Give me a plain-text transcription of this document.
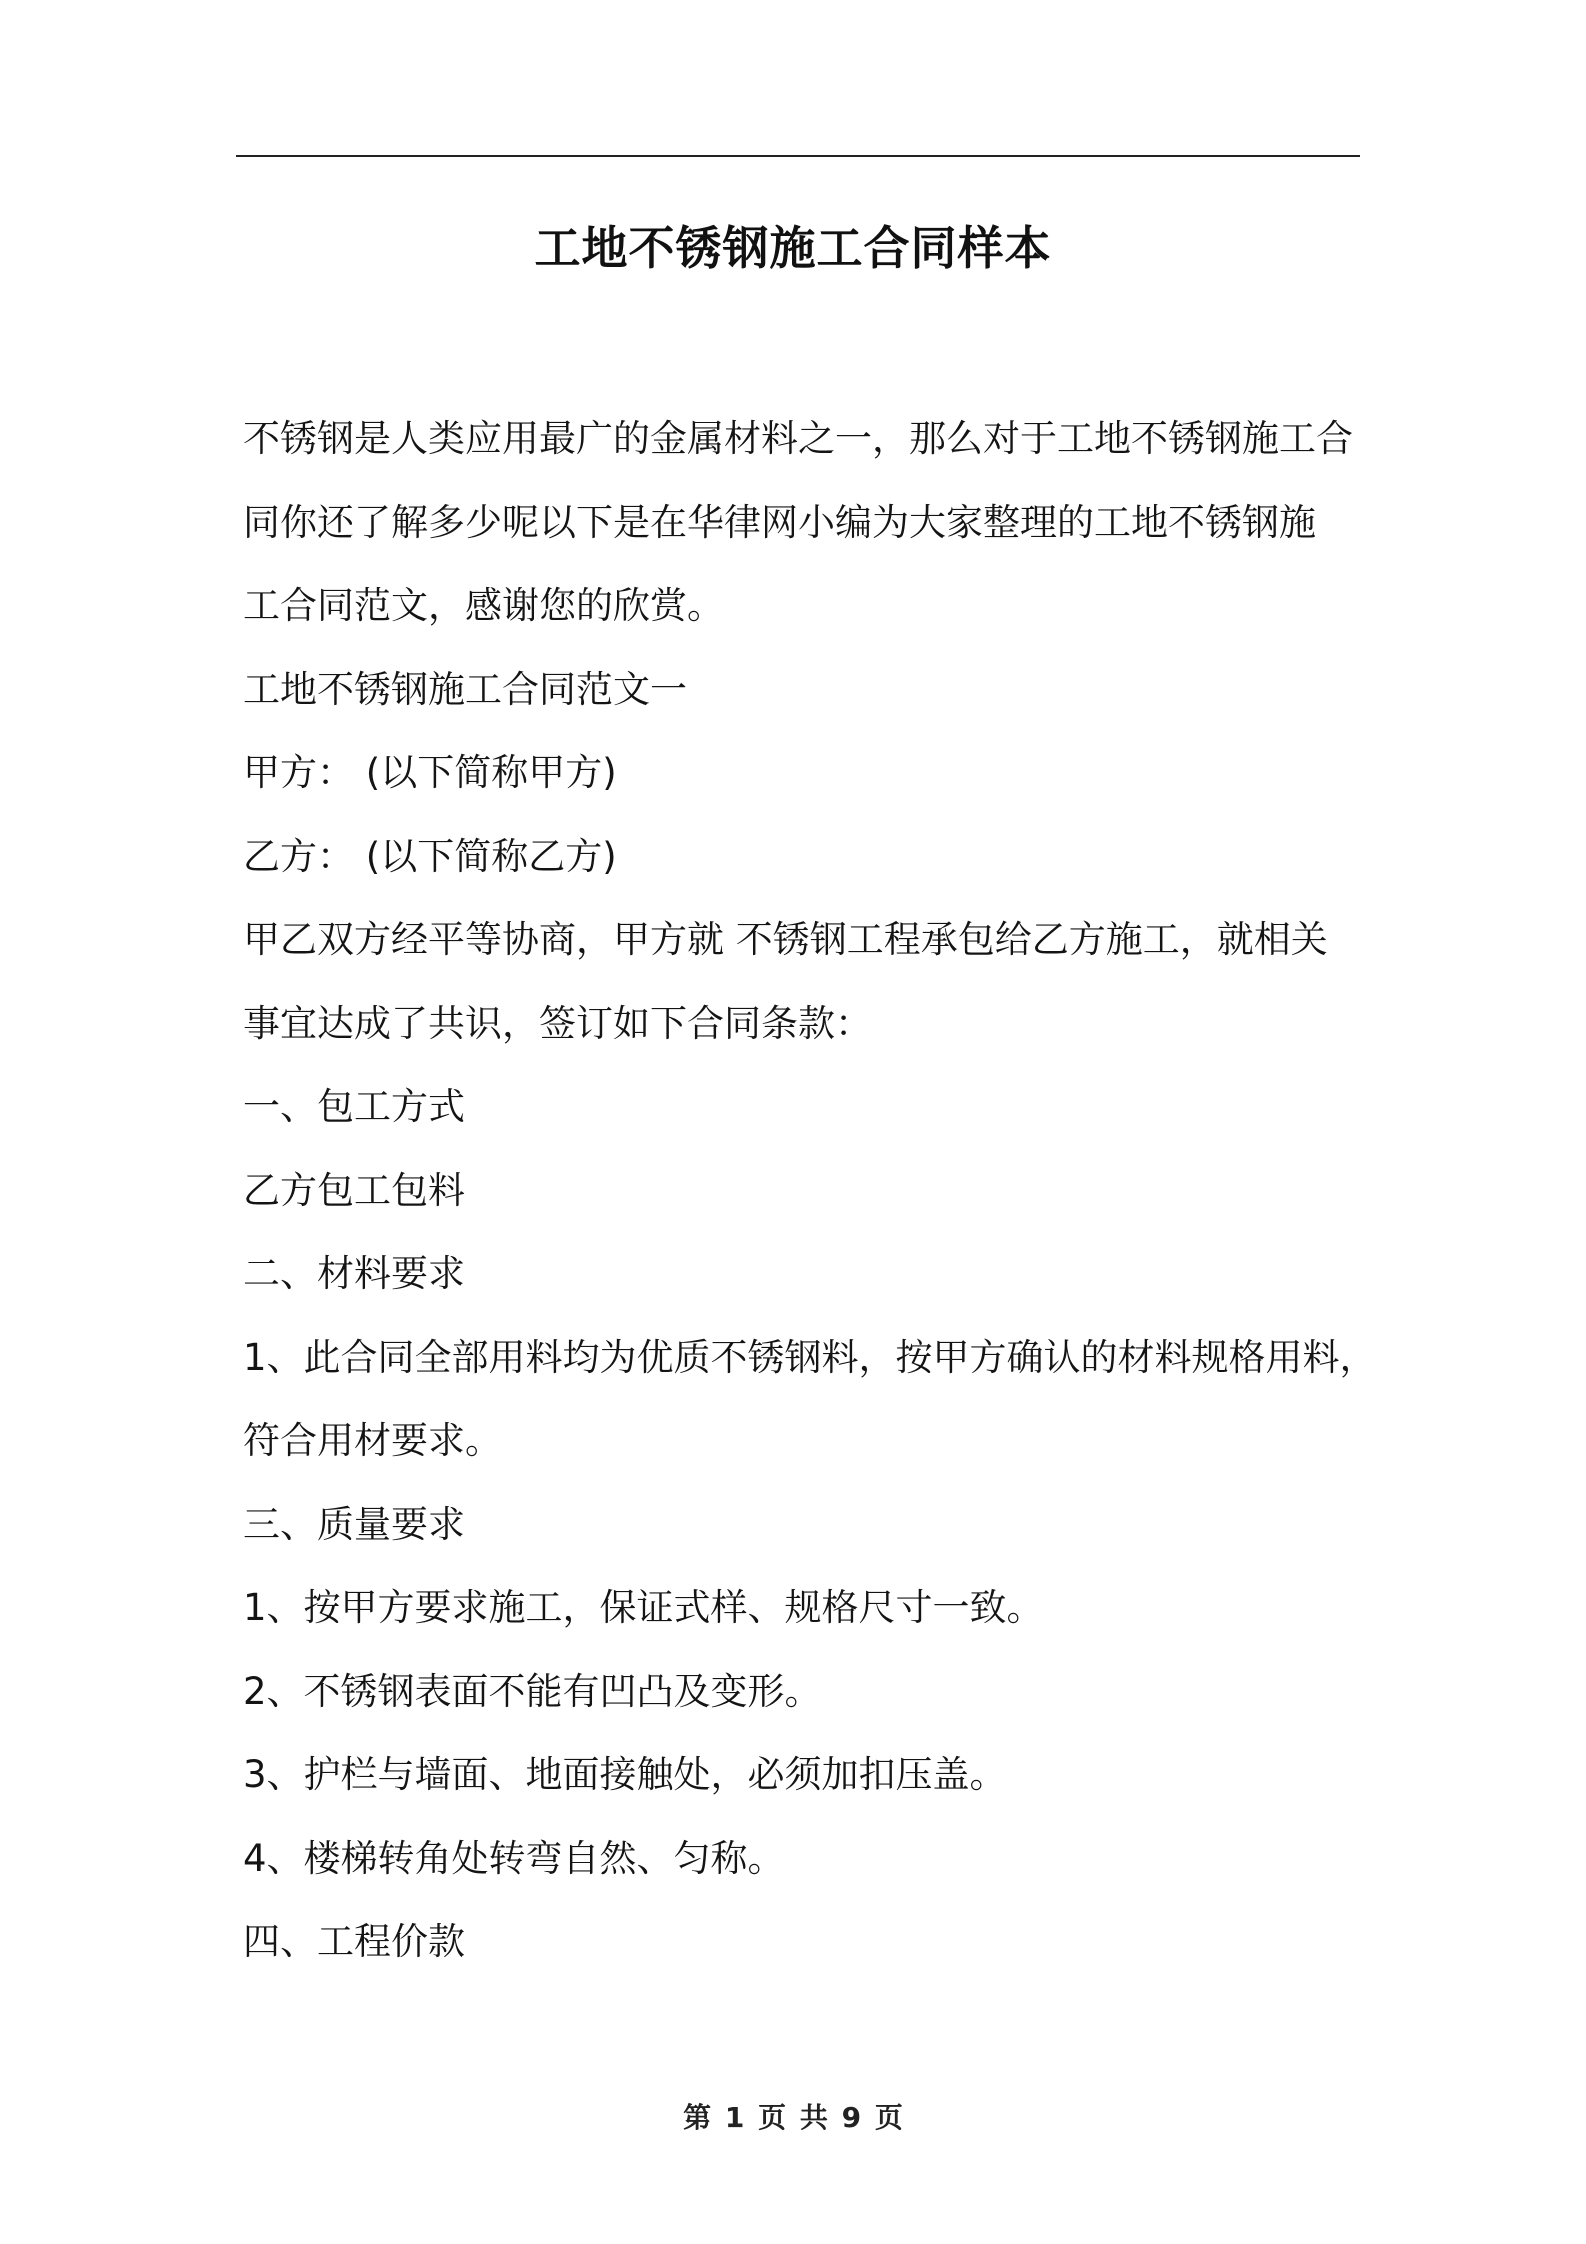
工地不锈钢施工合同样本
不锈钢是人类应用最广的金属材料之一，那么对于工地不锈钢施工合
同你还了解多少呢以下是在华律网小编为大家整理的工地不锈钢施
工合同范文，感谢您的欣赏。
工地不锈钢施工合同范文一
甲方： (以下简称甲方)
乙方： (以下简称乙方)
甲乙双方经平等协商，甲方就 不锈钢工程承包给乙方施工，就相关
事宜达成了共识，签订如下合同条款：
一、包工方式
乙方包工包料
二、材料要求
1、此合同全部用料均为优质不锈钢料，按甲方确认的材料规格用料，
符合用材要求。
三、质量要求
1、按甲方要求施工，保证式样、规格尺寸一致。
2、不锈钢表面不能有凹凸及变形。
3、护栏与墙面、地面接触处，必须加扣压盖。
4、楼梯转角处转弯自然、匀称。
四、工程价款
第 1 页 共 9 页
